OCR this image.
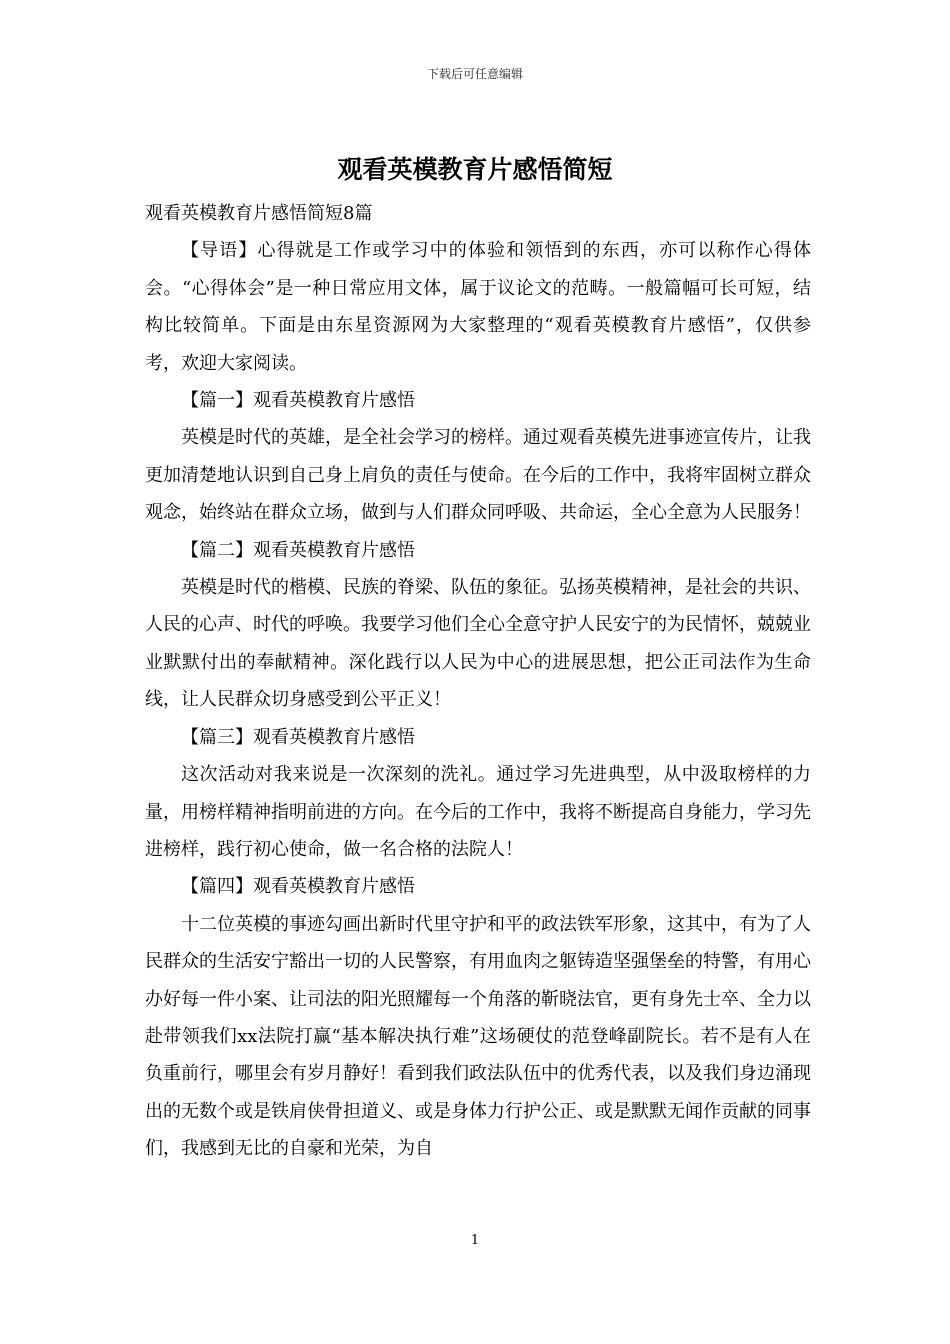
下载后可任意编辑
观看英模教育片感悟简短

观看英模教育片感悟简短8篇

【导语】心得就是工作或学习中的体验和领悟到的东西，亦可以称作心得体会。“心得体会”是一种日常应用文体，属于议论文的范畴。一般篇幅可长可短，结构比较简单。下面是由东星资源网为大家整理的“观看英模教育片感悟”，仅供参考，欢迎大家阅读。

【篇一】观看英模教育片感悟

英模是时代的英雄，是全社会学习的榜样。通过观看英模先进事迹宣传片，让我更加清楚地认识到自己身上肩负的责任与使命。在今后的工作中，我将牢固树立群众观念，始终站在群众立场，做到与人们群众同呼吸、共命运，全心全意为人民服务！

【篇二】观看英模教育片感悟

英模是时代的楷模、民族的脊梁、队伍的象征。弘扬英模精神，是社会的共识、人民的心声、时代的呼唤。我要学习他们全心全意守护人民安宁的为民情怀，兢兢业业默默付出的奉献精神。深化践行以人民为中心的进展思想，把公正司法作为生命线，让人民群众切身感受到公平正义！

【篇三】观看英模教育片感悟

这次活动对我来说是一次深刻的洗礼。通过学习先进典型，从中汲取榜样的力量，用榜样精神指明前进的方向。在今后的工作中，我将不断提高自身能力，学习先进榜样，践行初心使命，做一名合格的法院人！

【篇四】观看英模教育片感悟

十二位英模的事迹勾画出新时代里守护和平的政法铁军形象，这其中，有为了人民群众的生活安宁豁出一切的人民警察，有用血肉之躯铸造坚强堡垒的特警，有用心办好每一件小案、让司法的阳光照耀每一个角落的靳晓法官，更有身先士卒、全力以赴带领我们xx法院打赢“基本解决执行难”这场硬仗的范登峰副院长。若不是有人在负重前行，哪里会有岁月静好！看到我们政法队伍中的优秀代表，以及我们身边涌现出的无数个或是铁肩侠骨担道义、或是身体力行护公正、或是默默无闻作贡献的同事们，我感到无比的自豪和光荣，为自

1
